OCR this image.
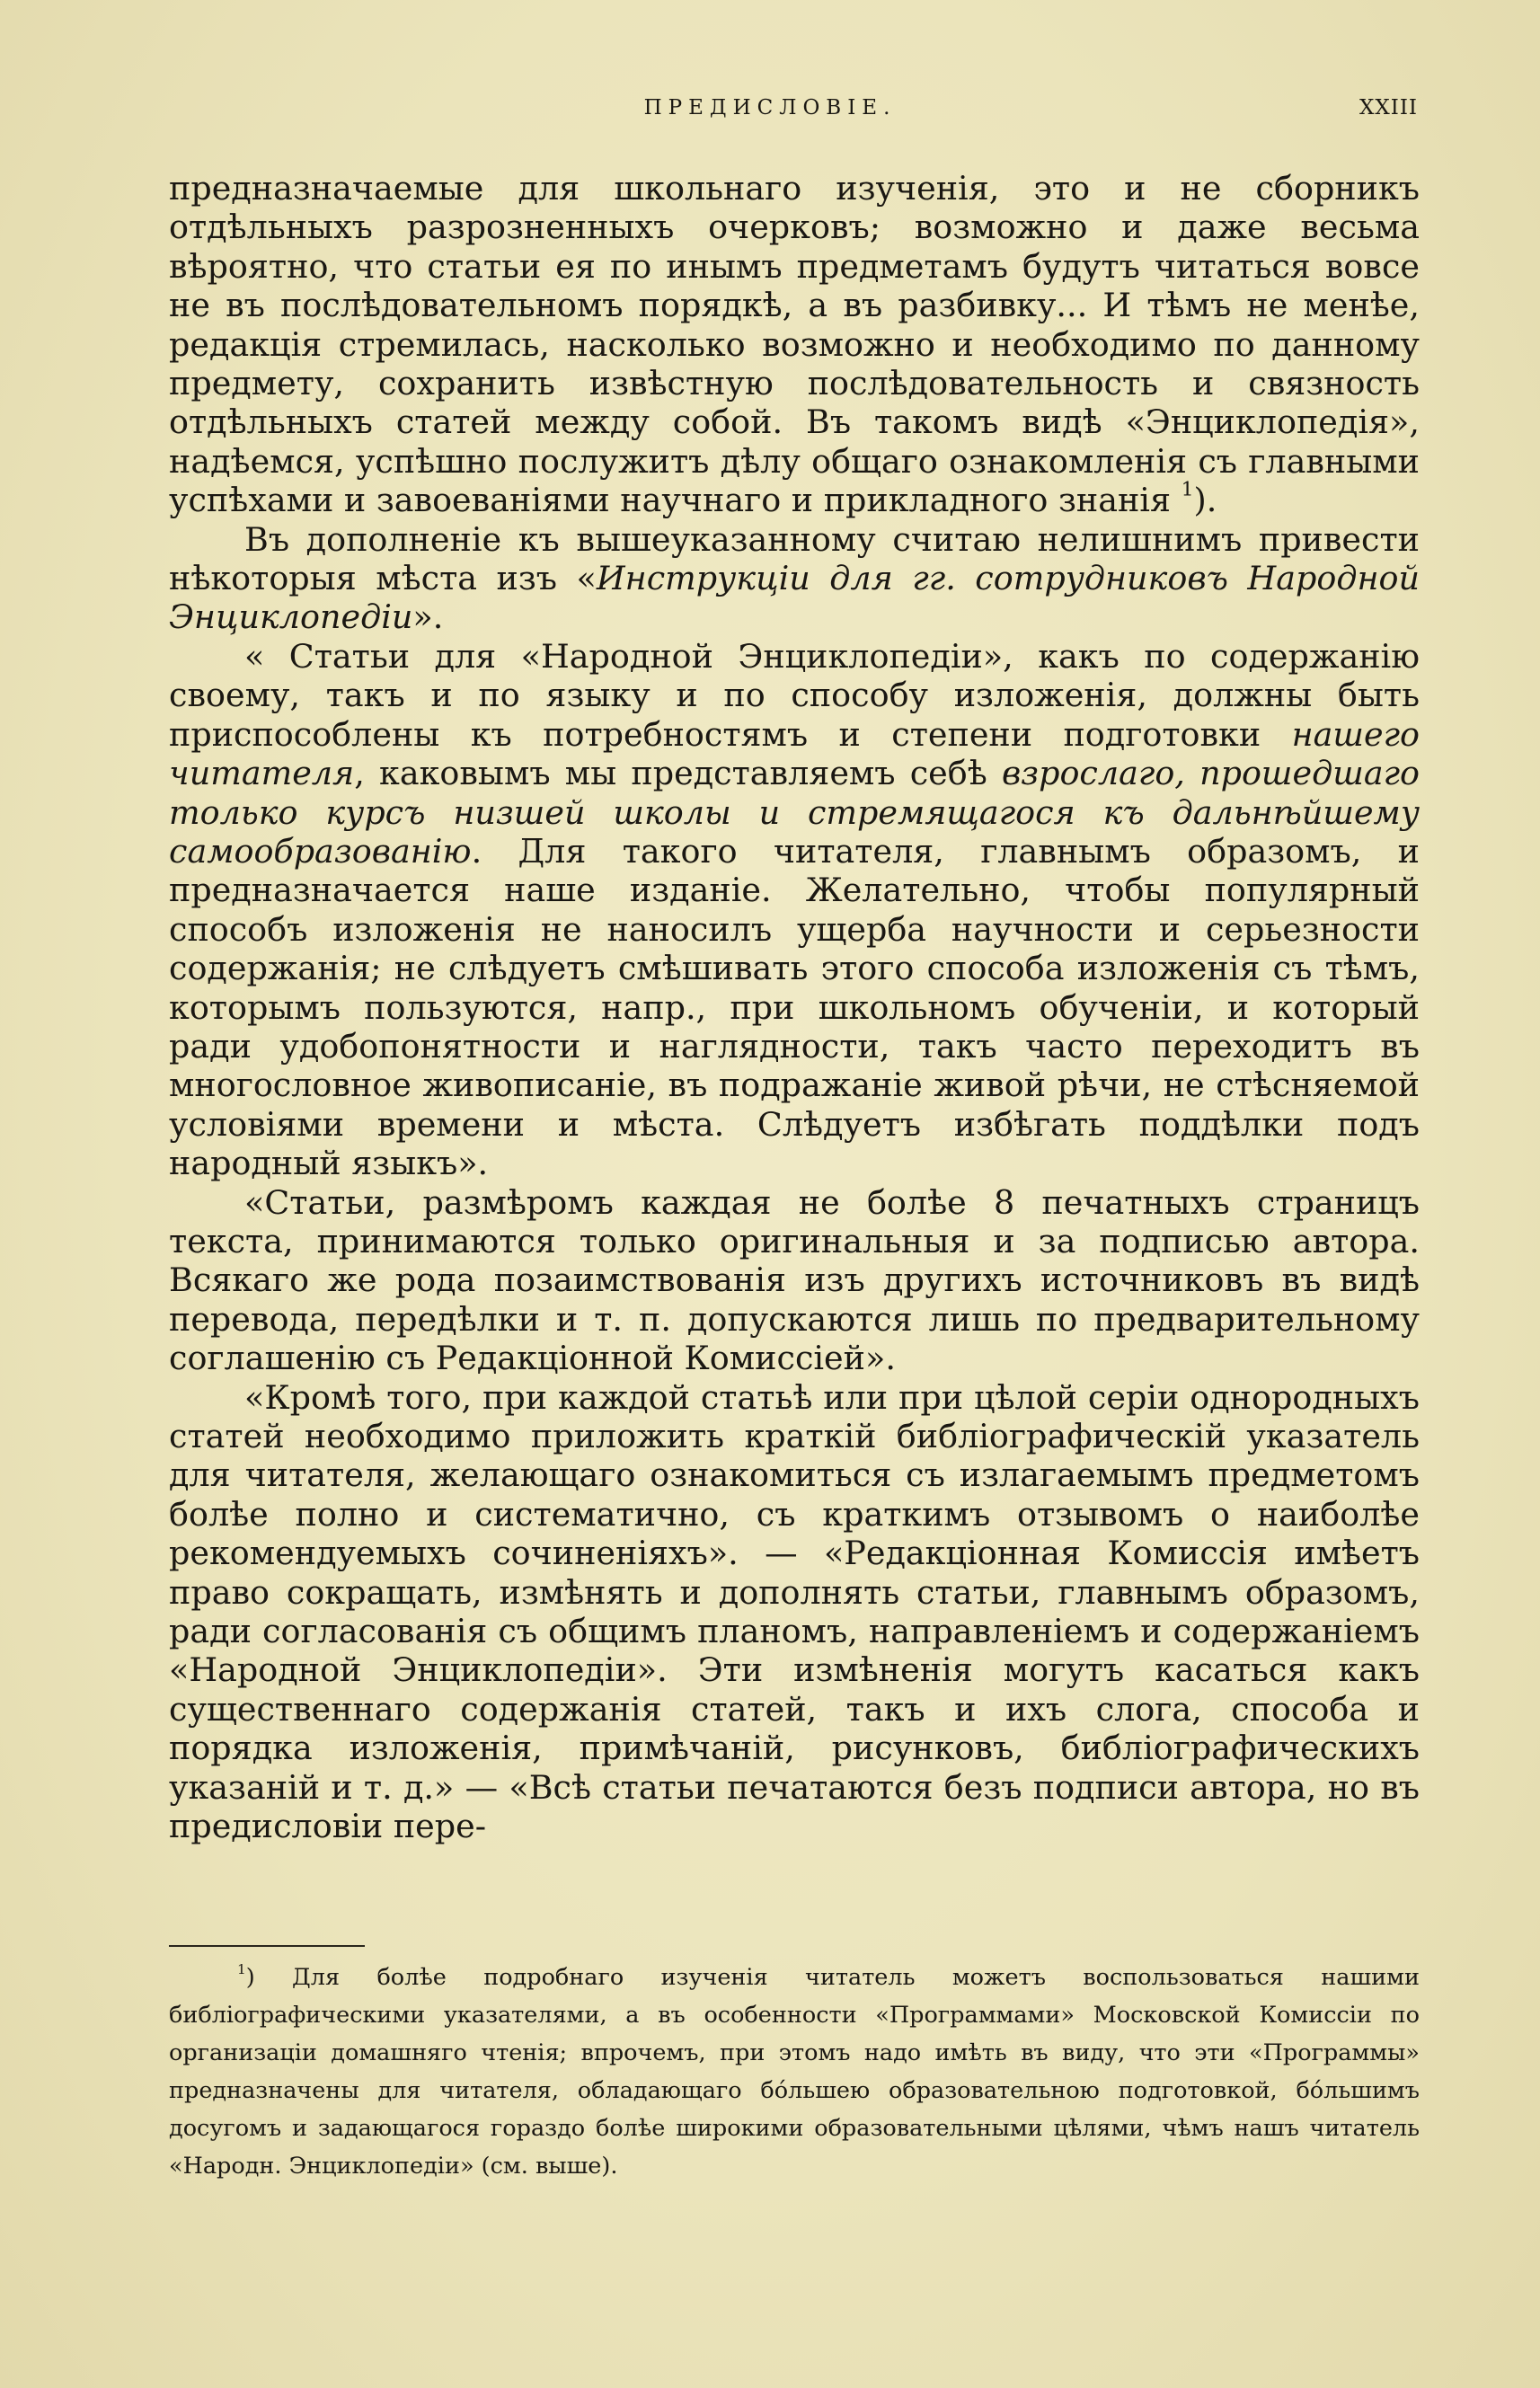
ПРЕДИСЛОВІЕ.	XXIII

предназначаемые для школьнаго изученія, это и не сборникъ отдѣльныхъ разрозненныхъ очерковъ; возможно и даже весьма вѣроятно, что статьи ея по инымъ предметамъ будутъ читаться вовсе не въ послѣдовательномъ порядкѣ, а въ разбивку... И тѣмъ не менѣе, редакція стремилась, насколько возможно и необходимо по данному предмету, сохранить извѣстную послѣдовательность и связность отдѣльныхъ статей между собой. Въ такомъ видѣ «Энциклопедія», надѣемся, успѣшно послужитъ дѣлу общаго ознакомленія съ главными успѣхами и завоеваніями научнаго и прикладного знанія $^1$).

Въ дополненіе къ вышеуказанному считаю нелишнимъ привести нѣкоторыя мѣста изъ «Инструкціи для гг. сотрудниковъ Народной Энциклопедіи».

« Статьи для «Народной Энциклопедіи», какъ по содержанію своему, такъ и по языку и по способу изложенія, должны быть приспособлены къ потребностямъ и степени подготовки нашего читателя, каковымъ мы представляемъ себѣ взрослаго, прошедшаго только курсъ низшей школы и стремящагося къ дальнѣйшему самообразованію. Для такого читателя, главнымъ образомъ, и предназначается наше изданіе. Желательно, чтобы популярный способъ изложенія не наносилъ ущерба научности и серьезности содержанія; не слѣдуетъ смѣшивать этого способа изложенія съ тѣмъ, которымъ пользуются, напр., при школьномъ обученіи, и который ради удобопонятности и наглядности, такъ часто переходитъ въ многословное живописаніе, въ подражаніе живой рѣчи, не стѣсняемой условіями времени и мѣста. Слѣдуетъ избѣгать поддѣлки подъ народный языкъ».

«Статьи, размѣромъ каждая не болѣе 8 печатныхъ страницъ текста, принимаются только оригинальныя и за подписью автора. Всякаго же рода позаимствованія изъ другихъ источниковъ въ видѣ перевода, передѣлки и т. п. допускаются лишь по предварительному соглашенію съ Редакціонной Комиссіей».

«Кромѣ того, при каждой статьѣ или при цѣлой серіи однородныхъ статей необходимо приложить краткій библіографическій указатель для читателя, желающаго ознакомиться съ излагаемымъ предметомъ болѣе полно и систематично, съ краткимъ отзывомъ о наиболѣе рекомендуемыхъ сочиненіяхъ». — «Редакціонная Комиссія имѣетъ право сокращать, измѣнять и дополнять статьи, главнымъ образомъ, ради согласованія съ общимъ планомъ, направленіемъ и содержаніемъ «Народной Энциклопедіи». Эти измѣненія могутъ касаться какъ существеннаго содержанія статей, такъ и ихъ слога, способа и порядка изложенія, примѣчаній, рисунковъ, библіографическихъ указаній и т. д.» — «Всѣ статьи печатаются безъ подписи автора, но въ предисловіи пере-

$^1$) Для болѣе подробнаго изученія читатель можетъ воспользоваться нашими библіографическими указателями, а въ особенности «Программами» Московской Комиссіи по организаціи домашняго чтенія; впрочемъ, при этомъ надо имѣть въ виду, что эти «Программы» предназначены для читателя, обладающаго бо́льшею образовательною подготовкой, бо́льшимъ досугомъ и задающагося гораздо болѣе широкими образовательными цѣлями, чѣмъ нашъ читатель «Народн. Энциклопедіи» (см. выше).
